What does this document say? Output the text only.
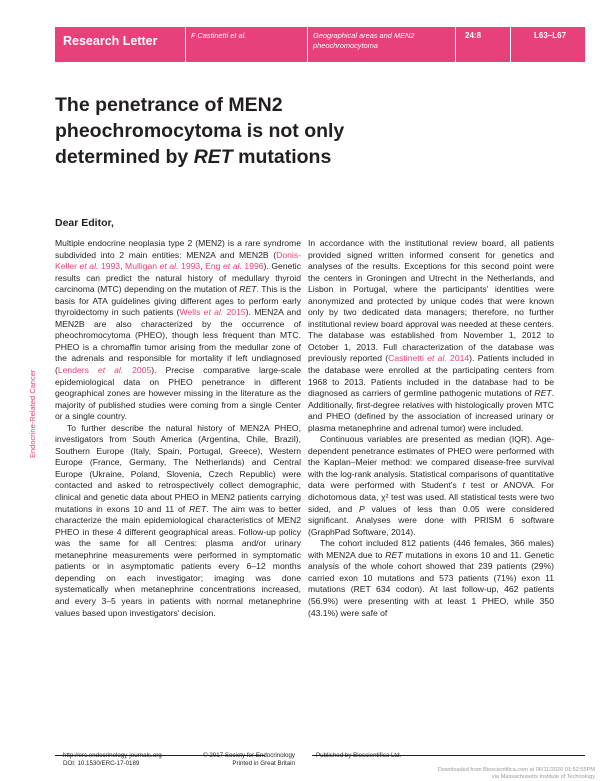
Research Letter	F Castinetti et al.	Geographical areas and MEN2 pheochromocytoma
24:8	L63–L67
The penetrance of MEN2 pheochromocytoma is not only determined by RET mutations
Endocrine-Related Cancer
Dear Editor,

Multiple endocrine neoplasia type 2 (MEN2) is a rare syndrome subdivided into 2 main entities: MEN2A and MEN2B (Donis-Keller et al. 1993, Mulligan et al. 1993, Eng et al. 1996). Genetic results can predict the natural history of medullary thyroid carcinoma (MTC) depending on the mutation of RET. This is the basis for ATA guidelines giving different ages to perform early thyroidectomy in such patients (Wells et al. 2015). MEN2A and MEN2B are also characterized by the occurrence of pheochromocytoma (PHEO), though less frequent than MTC. PHEO is a chromaffin tumor arising from the medullar zone of the adrenals and responsible for mortality if left undiagnosed (Lenders et al. 2005). Precise comparative large-scale epidemiological data on PHEO penetrance in different geographical zones are however missing in the literature as the majority of published studies were coming from a single Center or a single country.

To further describe the natural history of MEN2A PHEO, investigators from South America (Argentina, Chile, Brazil), Southern Europe (Italy, Spain, Portugal, Greece), Western Europe (France, Germany, The Netherlands) and Central Europe (Ukraine, Poland, Slovenia, Czech Republic) were contacted and asked to retrospectively collect demographic, clinical and genetic data about PHEO in MEN2 patients carrying mutations in exons 10 and 11 of RET. The aim was to better characterize the main epidemiological characteristics of MEN2 PHEO in these 4 different geographical areas. Follow-up policy was the same for all Centres: plasma and/or urinary metanephrine measurements were performed in symptomatic patients or in asymptomatic patients every 6–12 months depending on each investigator; imaging was done systematically when metanephrine concentrations increased, and every 3–5 years in patients with normal metanephrine values based upon investigators' decision.

In accordance with the institutional review board, all patients provided signed written informed consent for genetics and analyses of the results. Exceptions for this second point were the centers in Groningen and Utrecht in the Netherlands, and Lisbon in Portugal, where the participants' identities were anonymized and protected by unique codes that were known only by two dedicated data managers; therefore, no further institutional review board approval was needed at these centers. The database was established from November 1, 2012 to October 1, 2013. Full characterization of the database was previously reported (Castinetti et al. 2014). Patients included in the database were enrolled at the participating centers from 1968 to 2013. Patients included in the database had to be diagnosed as carriers of germline pathogenic mutations of RET. Additionally, first-degree relatives with histologically proven MTC and PHEO (defined by the association of increased urinary or plasma metanephrine and adrenal tumor) were included.

Continuous variables are presented as median (IQR). Age-dependent penetrance estimates of PHEO were performed with the Kaplan–Meier method: we compared disease-free survival with the log-rank analysis. Statistical comparisons of quantitative data were performed with Student's t test or ANOVA. For dichotomous data, χ² test was used. All statistical tests were two sided, and P values of less than 0.05 were considered significant. Analyses were done with PRISM 6 software (GraphPad Software, 2014).

The cohort included 812 patients (446 females, 366 males) with MEN2A due to RET mutations in exons 10 and 11. Genetic analysis of the whole cohort showed that 239 patients (29%) carried exon 10 mutations and 573 patients (71%) exon 11 mutations (RET 634 codon). At last follow-up, 462 patients (56.9%) were presenting with at least 1 PHEO, while 350 (43.1%) were safe of

http://erc.endocrinology-journals.org
DOI: 10.1530/ERC-17-0189
© 2017 Society for Endocrinology
Printed in Great Britain
Published by Bioscientifica Ltd.
Downloaded from Bioscientifica.com at 06/11/2020 01:52:55PM
via Massachusetts Institute of Technology
